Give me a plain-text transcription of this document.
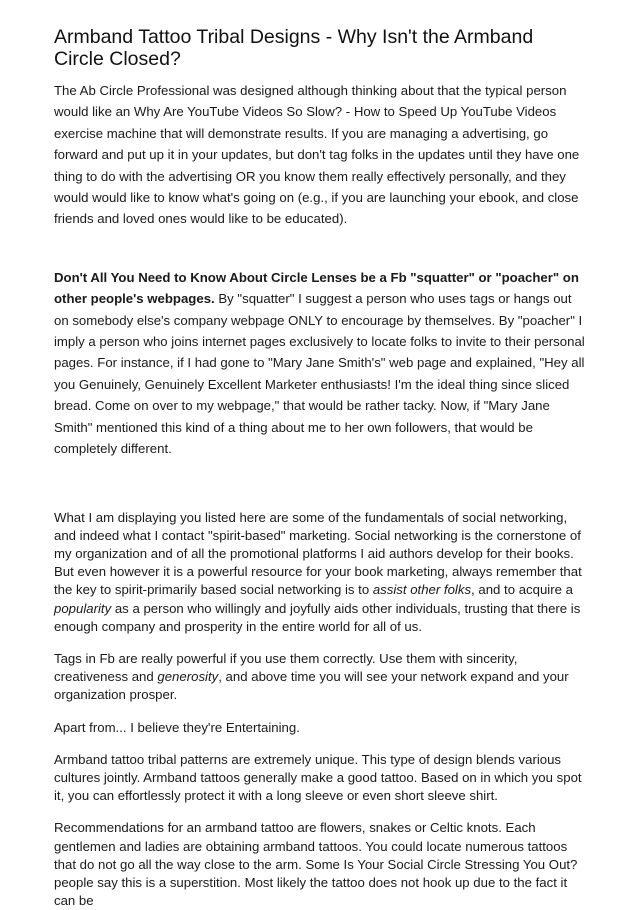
Armband Tattoo Tribal Designs - Why Isn't the Armband Circle Closed?

The Ab Circle Professional was designed although thinking about that the typical person would like an Why Are YouTube Videos So Slow? - How to Speed Up YouTube Videos exercise machine that will demonstrate results. If you are managing a advertising, go forward and put up it in your updates, but don't tag folks in the updates until they have one thing to do with the advertising OR you know them really effectively personally, and they would would like to know what's going on (e.g., if you are launching your ebook, and close friends and loved ones would like to be educated).

Don't All You Need to Know About Circle Lenses be a Fb "squatter" or "poacher" on other people's webpages. By "squatter" I suggest a person who uses tags or hangs out on somebody else's company webpage ONLY to encourage by themselves. By "poacher" I imply a person who joins internet pages exclusively to locate folks to invite to their personal pages. For instance, if I had gone to "Mary Jane Smith's" web page and explained, "Hey all you Genuinely, Genuinely Excellent Marketer enthusiasts! I'm the ideal thing since sliced bread. Come on over to my webpage," that would be rather tacky. Now, if "Mary Jane Smith" mentioned this kind of a thing about me to her own followers, that would be completely different.

What I am displaying you listed here are some of the fundamentals of social networking, and indeed what I contact "spirit-based" marketing. Social networking is the cornerstone of my organization and of all the promotional platforms I aid authors develop for their books. But even however it is a powerful resource for your book marketing, always remember that the key to spirit-primarily based social networking is to assist other folks, and to acquire a popularity as a person who willingly and joyfully aids other individuals, trusting that there is enough company and prosperity in the entire world for all of us.

Tags in Fb are really powerful if you use them correctly. Use them with sincerity, creativeness and generosity, and above time you will see your network expand and your organization prosper.

Apart from... I believe they're Entertaining.

Armband tattoo tribal patterns are extremely unique. This type of design blends various cultures jointly. Armband tattoos generally make a good tattoo. Based on in which you spot it, you can effortlessly protect it with a long sleeve or even short sleeve shirt.

Recommendations for an armband tattoo are flowers, snakes or Celtic knots. Each gentlemen and ladies are obtaining armband tattoos. You could locate numerous tattoos that do not go all the way close to the arm. Some Is Your Social Circle Stressing You Out? people say this is a superstition. Most likely the tattoo does not hook up due to the fact it can be
